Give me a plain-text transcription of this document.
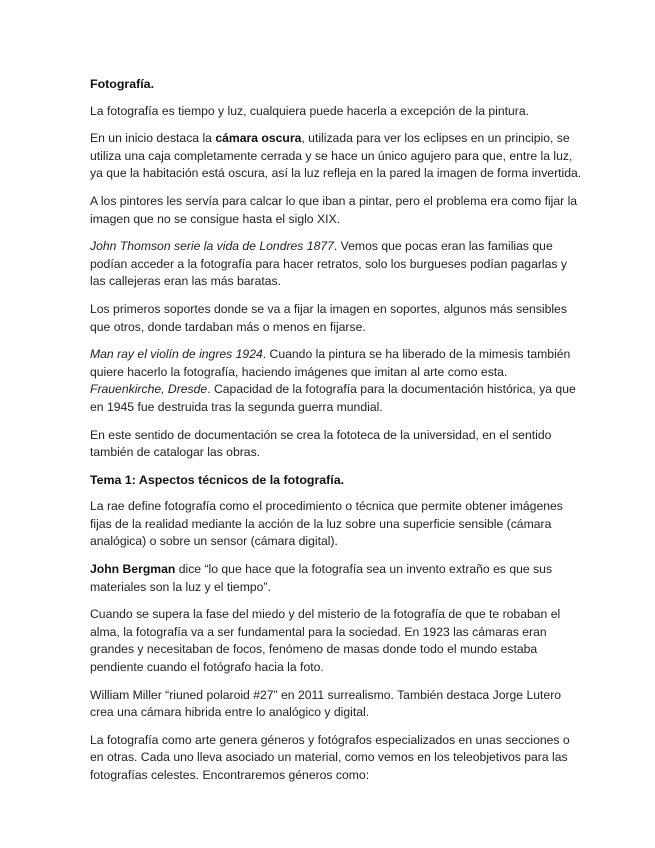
Fotografía.

La fotografía es tiempo y luz, cualquiera puede hacerla a excepción de la pintura.

En un inicio destaca la cámara oscura, utilizada para ver los eclipses en un principio, se utiliza una caja completamente cerrada y se hace un único agujero para que, entre la luz, ya que la habitación está oscura, así la luz refleja en la pared la imagen de forma invertida.

A los pintores les servía para calcar lo que iban a pintar, pero el problema era como fijar la imagen que no se consigue hasta el siglo XIX.

John Thomson serie la vida de Londres 1877. Vemos que pocas eran las familias que podían acceder a la fotografía para hacer retratos, solo los burgueses podían pagarlas y las callejeras eran las más baratas.

Los primeros soportes donde se va a fijar la imagen en soportes, algunos más sensibles que otros, donde tardaban más o menos en fijarse.

Man ray el violín de ingres 1924. Cuando la pintura se ha liberado de la mimesis también quiere hacerlo la fotografía, haciendo imágenes que imitan al arte como esta. Frauenkirche, Dresde. Capacidad de la fotografía para la documentación histórica, ya que en 1945 fue destruida tras la segunda guerra mundial.

En este sentido de documentación se crea la fototeca de la universidad, en el sentido también de catalogar las obras.

Tema 1: Aspectos técnicos de la fotografía.

La rae define fotografía como el procedimiento o técnica que permite obtener imágenes fijas de la realidad mediante la acción de la luz sobre una superficie sensible (cámara analógica) o sobre un sensor (cámara digital).

John Bergman dice “lo que hace que la fotografía sea un invento extraño es que sus materiales son la luz y el tiempo”.

Cuando se supera la fase del miedo y del misterio de la fotografía de que te robaban el alma, la fotografía va a ser fundamental para la sociedad. En 1923 las cámaras eran grandes y necesitaban de focos, fenómeno de masas donde todo el mundo estaba pendiente cuando el fotógrafo hacia la foto.

William Miller “riuned polaroid #27” en 2011 surrealismo. También destaca Jorge Lutero crea una cámara hibrida entre lo analógico y digital.

La fotografía como arte genera géneros y fotógrafos especializados en unas secciones o en otras. Cada uno lleva asociado un material, como vemos en los teleobjetivos para las fotografías celestes. Encontraremos géneros como:
